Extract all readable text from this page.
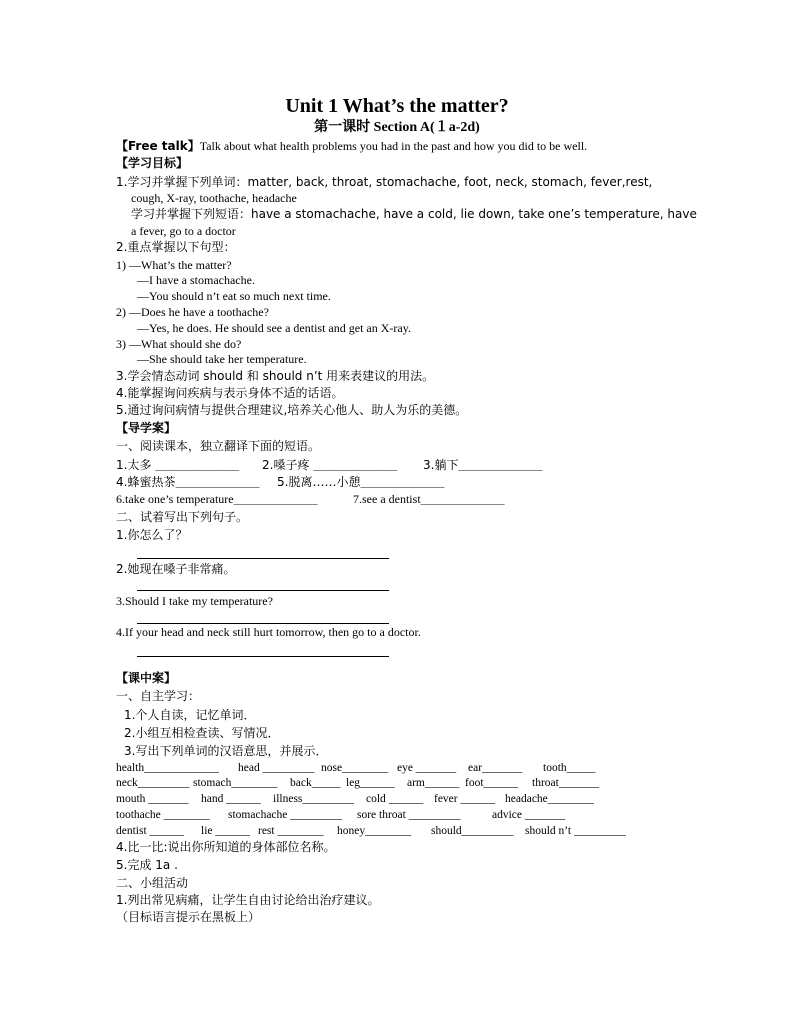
Unit 1 What’s the matter?
第一课时 Section A(１a-2d)
【Free talk】Talk about what health problems you had in the past and how you did to be well.
【学习目标】
1.学习并掌握下列单词：matter, back, throat, stomachache, foot, neck, stomach, fever,rest,
cough, X-ray, toothache, headache
学习并掌握下列短语：have a stomachache, have a cold, lie down, take one’s temperature, have
a fever, go to a doctor
2.重点掌握以下句型：
1) —What’s the matter?
—I have a stomachache.
—You should n’t eat so much next time.
2) —Does he have a toothache?
—Yes, he does. He should see a dentist and get an X-ray.
3) —What should she do?
—She should take her temperature.
3.学会情态动词 should 和 should n’t 用来表建议的用法。
4.能掌握询问疾病与表示身体不适的话语。
5.通过询问病情与提供合理建议,培养关心他人、助人为乐的美德。
【导学案】
一、阅读课本，独立翻译下面的短语。
1.太多 ＿＿＿＿＿＿＿ 2.嗓子疼 ＿＿＿＿＿＿＿ 3.躺下＿＿＿＿＿＿＿
4.蜂蜜热茶＿＿＿＿＿＿＿ 5.脱离……小憩＿＿＿＿＿＿＿
6.take one’s temperature＿＿＿＿＿＿＿	7.see a dentist＿＿＿＿＿＿＿
二、试着写出下列句子。
1.你怎么了？
2.她现在嗓子非常痛。
3.Should I take my temperature?
4.If your head and neck still hurt tomorrow, then go to a doctor.
【课中案】
一、自主学习：
1.个人自读，记忆单词．
2.小组互相检查读、写情况．
3.写出下列单词的汉语意思，并展示．
health_____________ head _________ nose________ eye _______ ear_______ tooth_____
neck_________ stomach________ back_____ leg______ arm______ foot______ throat_______
mouth _______ hand ______ illness_________ cold ______ fever ______ headache________
toothache ________ stomachache _________ sore throat _________	advice _______
dentist ______ lie ______ rest ________ honey________ should_________ should n’t _________
4.比一比:说出你所知道的身体部位名称。
5.完成 1a .
二、小组活动
1.列出常见病痛，让学生自由讨论给出治疗建议。
（目标语言提示在黑板上）
